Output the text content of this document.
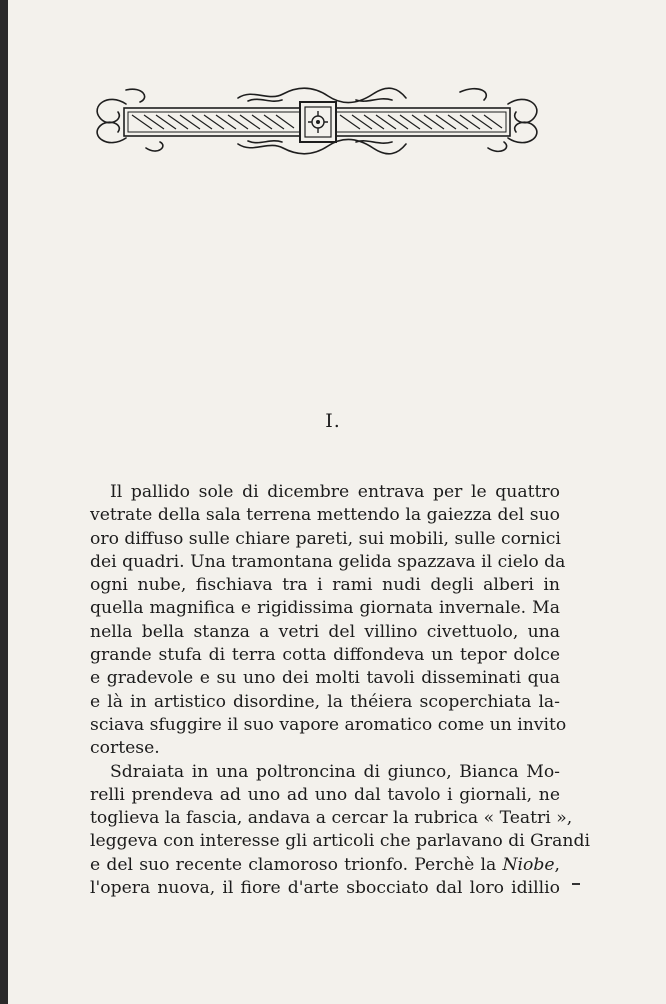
I.
Il pallido sole di dicembre entrava per le quattro
vetrate della sala terrena mettendo la gaiezza del suo
oro diffuso sulle chiare pareti, sui mobili, sulle cornici
dei quadri. Una tramontana gelida spazzava il cielo da
ogni nube, fischiava tra i rami nudi degli alberi in
quella magnifica e rigidissima giornata invernale. Ma
nella bella stanza a vetri del villino civettuolo, una
grande stufa di terra cotta diffondeva un tepor dolce
e gradevole e su uno dei molti tavoli disseminati qua
e là in artistico disordine, la théiera scoperchiata la-
sciava sfuggire il suo vapore aromatico come un invito
cortese.
Sdraiata in una poltroncina di giunco, Bianca Mo-
relli prendeva ad uno ad uno dal tavolo i giornali, ne
toglieva la fascia, andava a cercar la rubrica « Teatri »,
leggeva con interesse gli articoli che parlavano di Grandi
e del suo recente clamoroso trionfo. Perchè la Niobe,
l'opera nuova, il fiore d'arte sbocciato dal loro idillio
